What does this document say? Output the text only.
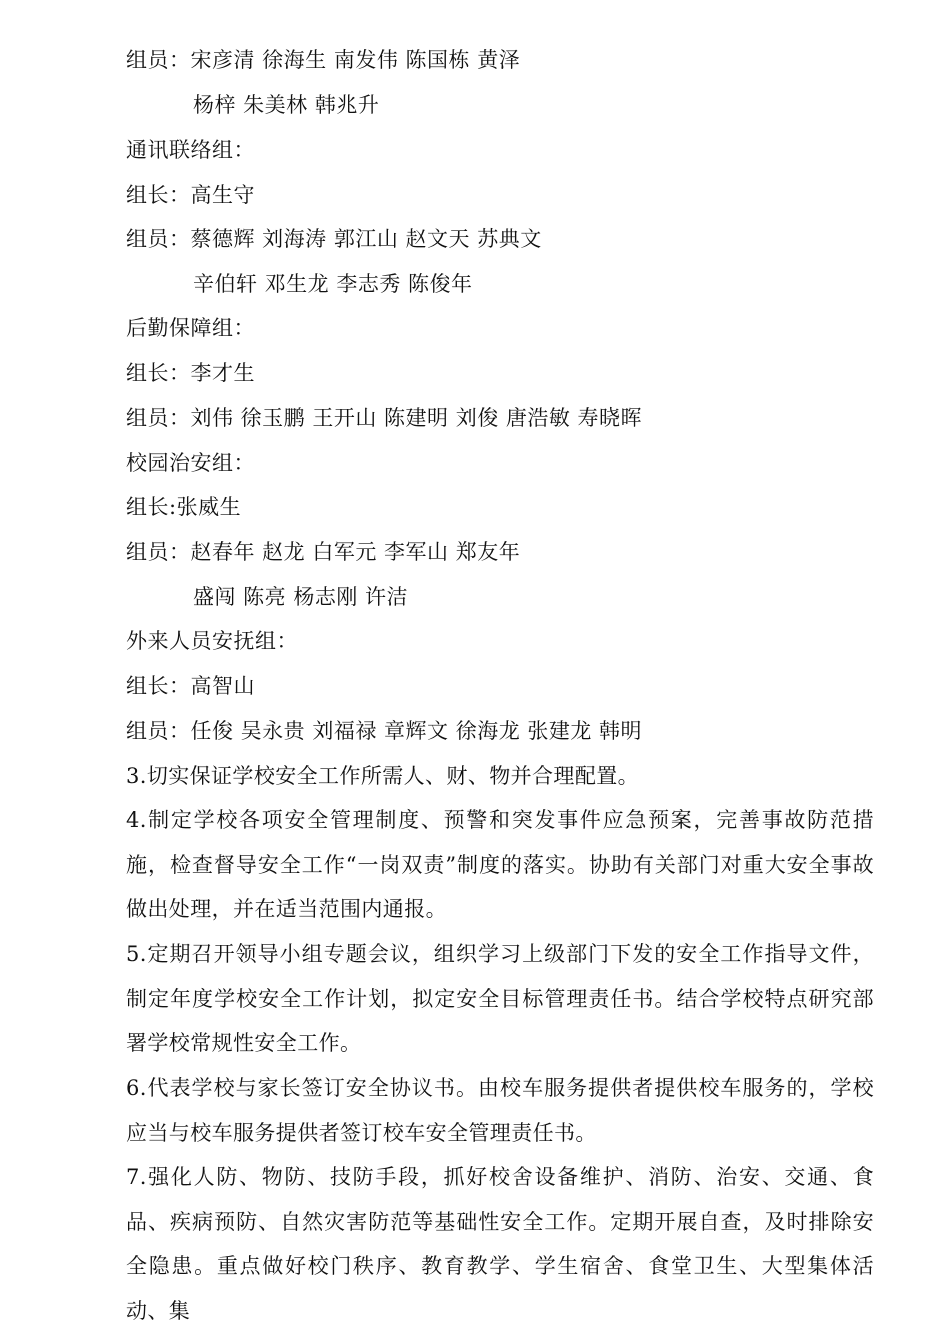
组员：宋彦清 徐海生 南发伟 陈国栋 黄泽
杨梓 朱美林 韩兆升
通讯联络组：
组长：高生守
组员：蔡德辉 刘海涛 郭江山 赵文天 苏典文
辛伯轩 邓生龙 李志秀 陈俊年
后勤保障组：
组长：李才生
组员：刘伟 徐玉鹏 王开山 陈建明 刘俊 唐浩敏 寿晓晖
校园治安组：
组长:张威生
组员：赵春年 赵龙 白军元 李军山 郑友年
盛闯 陈亮 杨志刚 许洁
外来人员安抚组：
组长：高智山
组员：任俊 吴永贵 刘福禄 章辉文 徐海龙 张建龙 韩明
3.切实保证学校安全工作所需人、财、物并合理配置。
4.制定学校各项安全管理制度、预警和突发事件应急预案，完善事故防范措施，检查督导安全工作“一岗双责”制度的落实。协助有关部门对重大安全事故做出处理，并在适当范围内通报。
5.定期召开领导小组专题会议，组织学习上级部门下发的安全工作指导文件，制定年度学校安全工作计划，拟定安全目标管理责任书。结合学校特点研究部署学校常规性安全工作。
6.代表学校与家长签订安全协议书。由校车服务提供者提供校车服务的，学校应当与校车服务提供者签订校车安全管理责任书。
7.强化人防、物防、技防手段，抓好校舍设备维护、消防、治安、交通、食品、疾病预防、自然灾害防范等基础性安全工作。定期开展自查，及时排除安全隐患。重点做好校门秩序、教育教学、学生宿舍、食堂卫生、大型集体活动、集
